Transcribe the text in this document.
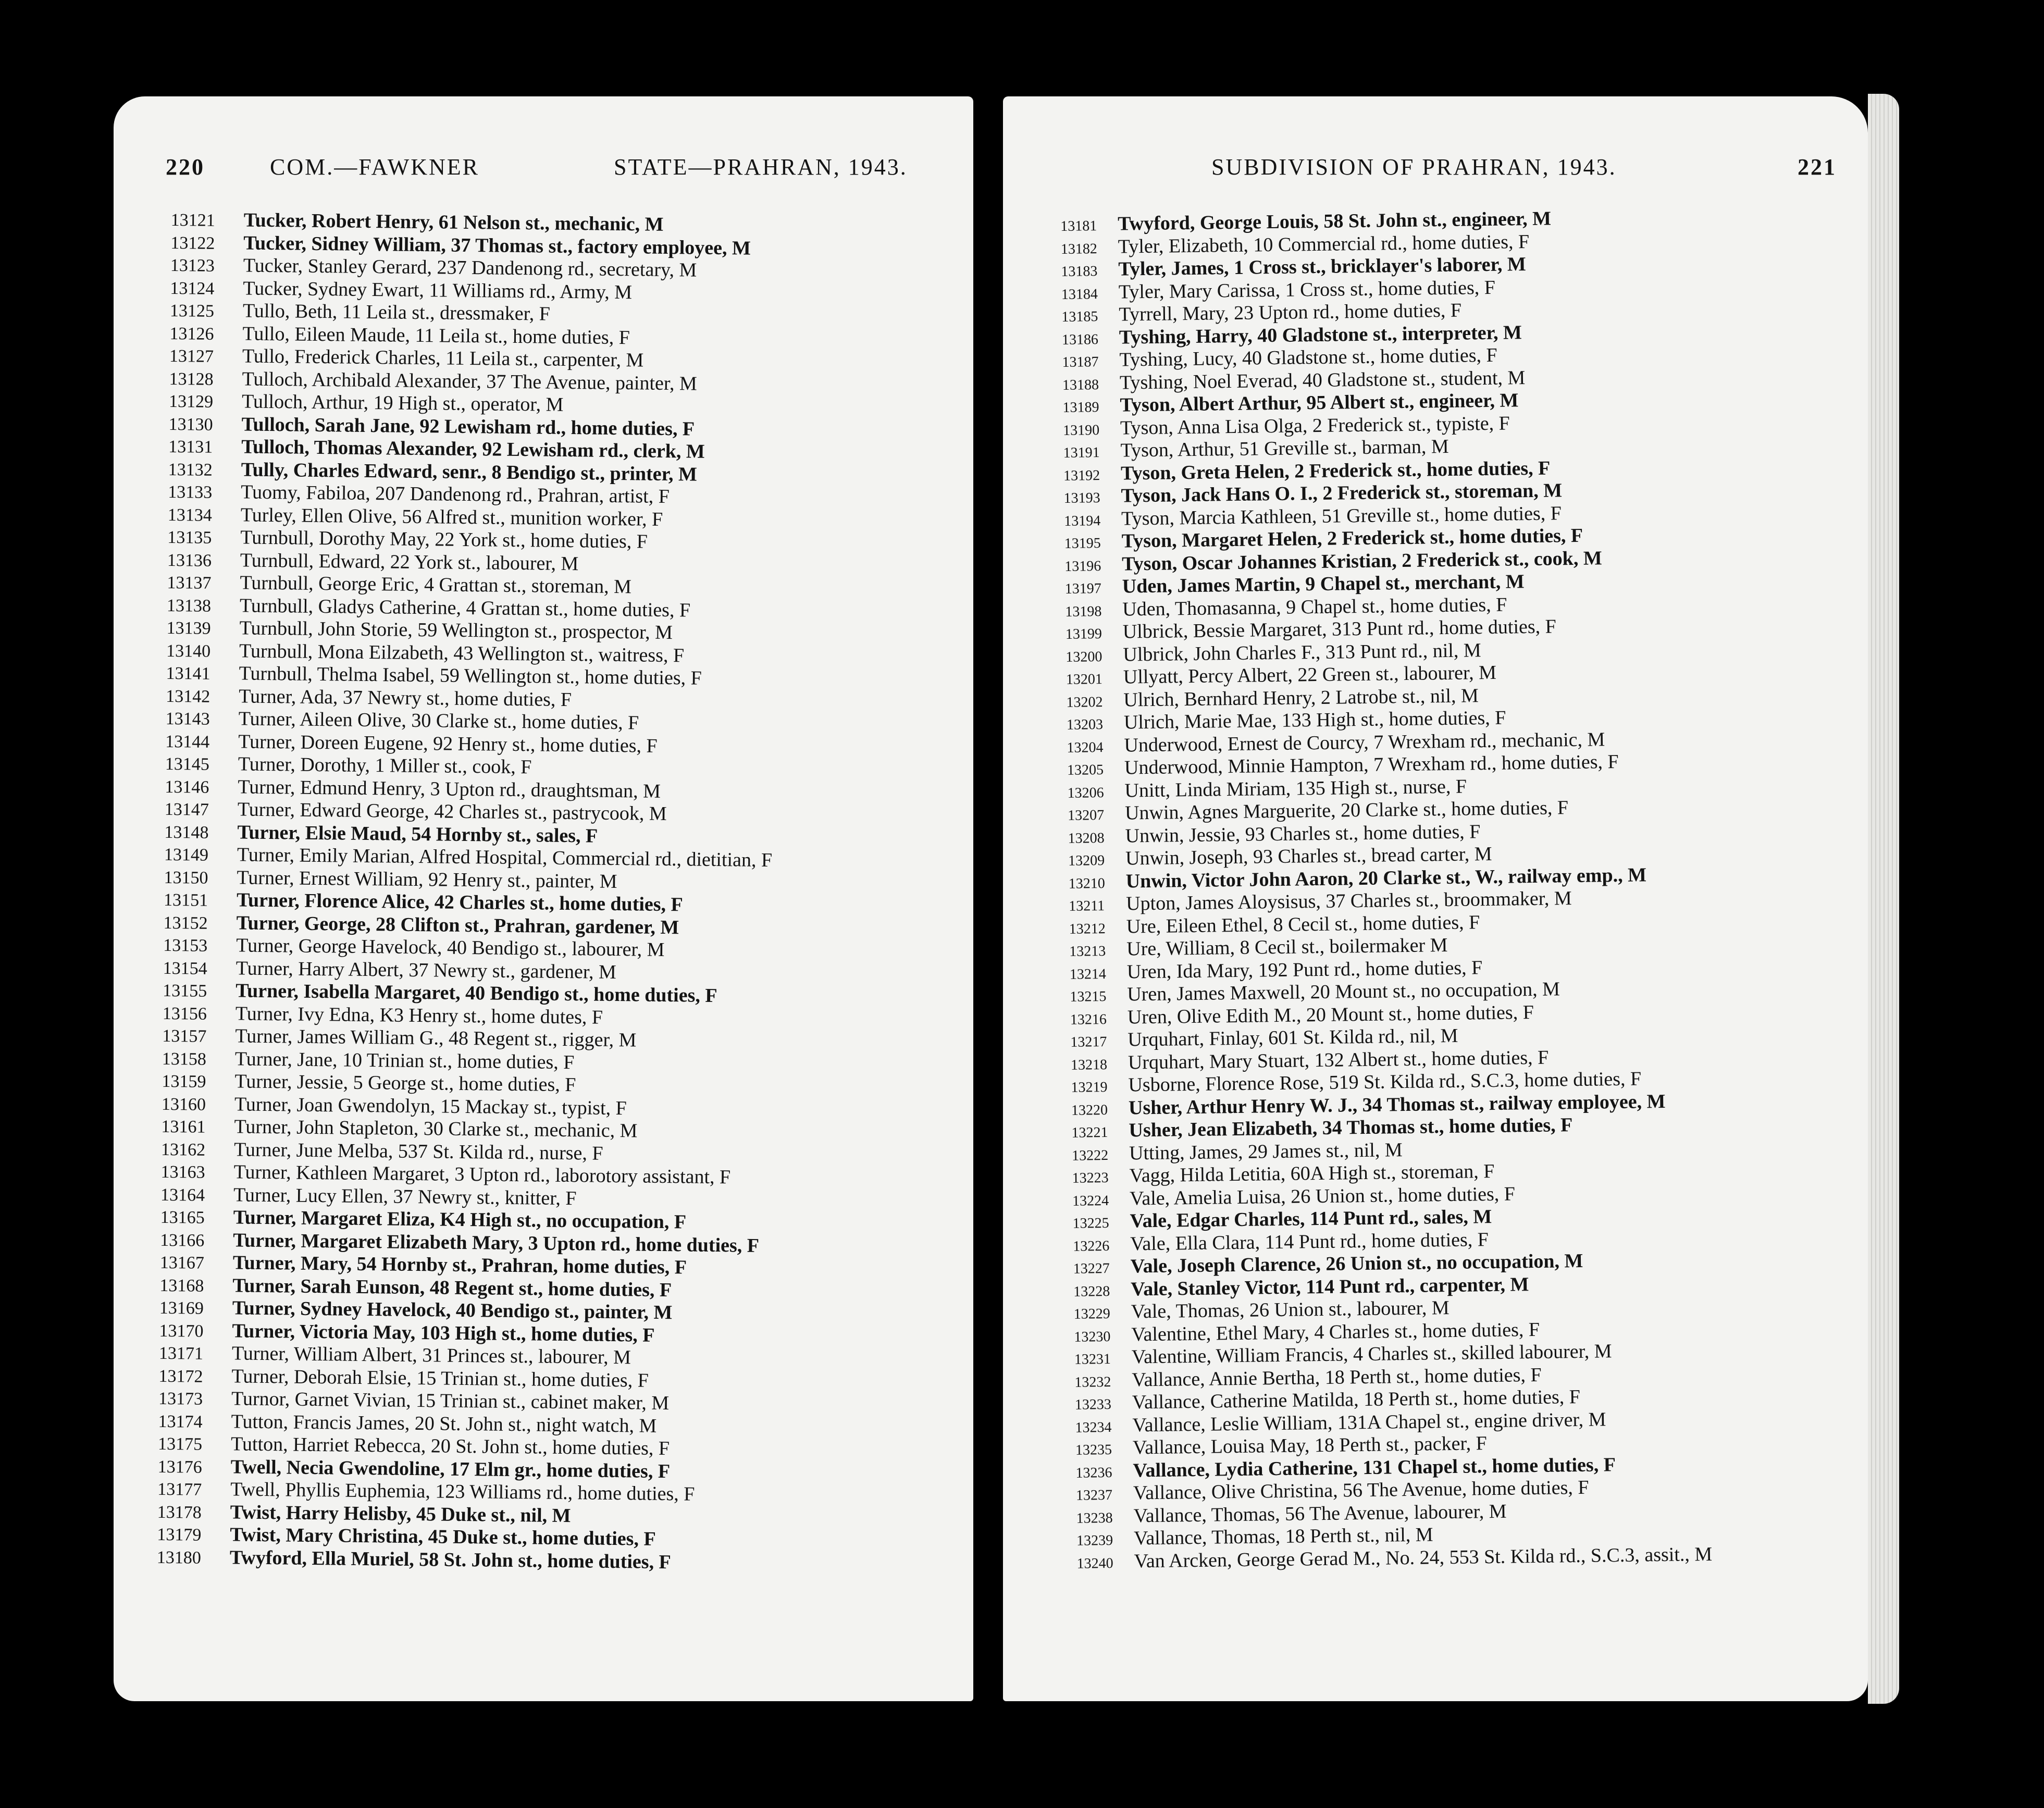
220	COM.—FAWKNER	STATE—PRAHRAN, 1943.
13121	Tucker, Robert Henry, 61 Nelson st., mechanic, M
13122	Tucker, Sidney William, 37 Thomas st., factory employee, M
13123	Tucker, Stanley Gerard, 237 Dandenong rd., secretary, M
13124	Tucker, Sydney Ewart, 11 Williams rd., Army, M
13125	Tullo, Beth, 11 Leila st., dressmaker, F
13126	Tullo, Eileen Maude, 11 Leila st., home duties, F
13127	Tullo, Frederick Charles, 11 Leila st., carpenter, M
13128	Tulloch, Archibald Alexander, 37 The Avenue, painter, M
13129	Tulloch, Arthur, 19 High st., operator, M
13130	Tulloch, Sarah Jane, 92 Lewisham rd., home duties, F
13131	Tulloch, Thomas Alexander, 92 Lewisham rd., clerk, M
13132	Tully, Charles Edward, senr., 8 Bendigo st., printer, M
13133	Tuomy, Fabiloa, 207 Dandenong rd., Prahran, artist, F
13134	Turley, Ellen Olive, 56 Alfred st., munition worker, F
13135	Turnbull, Dorothy May, 22 York st., home duties, F
13136	Turnbull, Edward, 22 York st., labourer, M
13137	Turnbull, George Eric, 4 Grattan st., storeman, M
13138	Turnbull, Gladys Catherine, 4 Grattan st., home duties, F
13139	Turnbull, John Storie, 59 Wellington st., prospector, M
13140	Turnbull, Mona Eilzabeth, 43 Wellington st., waitress, F
13141	Turnbull, Thelma Isabel, 59 Wellington st., home duties, F
13142	Turner, Ada, 37 Newry st., home duties, F
13143	Turner, Aileen Olive, 30 Clarke st., home duties, F
13144	Turner, Doreen Eugene, 92 Henry st., home duties, F
13145	Turner, Dorothy, 1 Miller st., cook, F
13146	Turner, Edmund Henry, 3 Upton rd., draughtsman, M
13147	Turner, Edward George, 42 Charles st., pastrycook, M
13148	Turner, Elsie Maud, 54 Hornby st., sales, F
13149	Turner, Emily Marian, Alfred Hospital, Commercial rd., dietitian, F
13150	Turner, Ernest William, 92 Henry st., painter, M
13151	Turner, Florence Alice, 42 Charles st., home duties, F
13152	Turner, George, 28 Clifton st., Prahran, gardener, M
13153	Turner, George Havelock, 40 Bendigo st., labourer, M
13154	Turner, Harry Albert, 37 Newry st., gardener, M
13155	Turner, Isabella Margaret, 40 Bendigo st., home duties, F
13156	Turner, Ivy Edna, K3 Henry st., home dutes, F
13157	Turner, James William G., 48 Regent st., rigger, M
13158	Turner, Jane, 10 Trinian st., home duties, F
13159	Turner, Jessie, 5 George st., home duties, F
13160	Turner, Joan Gwendolyn, 15 Mackay st., typist, F
13161	Turner, John Stapleton, 30 Clarke st., mechanic, M
13162	Turner, June Melba, 537 St. Kilda rd., nurse, F
13163	Turner, Kathleen Margaret, 3 Upton rd., laborotory assistant, F
13164	Turner, Lucy Ellen, 37 Newry st., knitter, F
13165	Turner, Margaret Eliza, K4 High st., no occupation, F
13166	Turner, Margaret Elizabeth Mary, 3 Upton rd., home duties, F
13167	Turner, Mary, 54 Hornby st., Prahran, home duties, F
13168	Turner, Sarah Eunson, 48 Regent st., home duties, F
13169	Turner, Sydney Havelock, 40 Bendigo st., painter, M
13170	Turner, Victoria May, 103 High st., home duties, F
13171	Turner, William Albert, 31 Princes st., labourer, M
13172	Turner, Deborah Elsie, 15 Trinian st., home duties, F
13173	Turnor, Garnet Vivian, 15 Trinian st., cabinet maker, M
13174	Tutton, Francis James, 20 St. John st., night watch, M
13175	Tutton, Harriet Rebecca, 20 St. John st., home duties, F
13176	Twell, Necia Gwendoline, 17 Elm gr., home duties, F
13177	Twell, Phyllis Euphemia, 123 Williams rd., home duties, F
13178	Twist, Harry Helisby, 45 Duke st., nil, M
13179	Twist, Mary Christina, 45 Duke st., home duties, F
13180	Twyford, Ella Muriel, 58 St. John st., home duties, F
SUBDIVISION OF PRAHRAN, 1943.	221
13181	Twyford, George Louis, 58 St. John st., engineer, M
13182	Tyler, Elizabeth, 10 Commercial rd., home duties, F
13183	Tyler, James, 1 Cross st., bricklayer's laborer, M
13184	Tyler, Mary Carissa, 1 Cross st., home duties, F
13185	Tyrrell, Mary, 23 Upton rd., home duties, F
13186	Tyshing, Harry, 40 Gladstone st., interpreter, M
13187	Tyshing, Lucy, 40 Gladstone st., home duties, F
13188	Tyshing, Noel Everad, 40 Gladstone st., student, M
13189	Tyson, Albert Arthur, 95 Albert st., engineer, M
13190	Tyson, Anna Lisa Olga, 2 Frederick st., typiste, F
13191	Tyson, Arthur, 51 Greville st., barman, M
13192	Tyson, Greta Helen, 2 Frederick st., home duties, F
13193	Tyson, Jack Hans O. I., 2 Frederick st., storeman, M
13194	Tyson, Marcia Kathleen, 51 Greville st., home duties, F
13195	Tyson, Margaret Helen, 2 Frederick st., home duties, F
13196	Tyson, Oscar Johannes Kristian, 2 Frederick st., cook, M
13197	Uden, James Martin, 9 Chapel st., merchant, M
13198	Uden, Thomasanna, 9 Chapel st., home duties, F
13199	Ulbrick, Bessie Margaret, 313 Punt rd., home duties, F
13200	Ulbrick, John Charles F., 313 Punt rd., nil, M
13201	Ullyatt, Percy Albert, 22 Green st., labourer, M
13202	Ulrich, Bernhard Henry, 2 Latrobe st., nil, M
13203	Ulrich, Marie Mae, 133 High st., home duties, F
13204	Underwood, Ernest de Courcy, 7 Wrexham rd., mechanic, M
13205	Underwood, Minnie Hampton, 7 Wrexham rd., home duties, F
13206	Unitt, Linda Miriam, 135 High st., nurse, F
13207	Unwin, Agnes Marguerite, 20 Clarke st., home duties, F
13208	Unwin, Jessie, 93 Charles st., home duties, F
13209	Unwin, Joseph, 93 Charles st., bread carter, M
13210	Unwin, Victor John Aaron, 20 Clarke st., W., railway emp., M
13211	Upton, James Aloysisus, 37 Charles st., broommaker, M
13212	Ure, Eileen Ethel, 8 Cecil st., home duties, F
13213	Ure, William, 8 Cecil st., boilermaker M
13214	Uren, Ida Mary, 192 Punt rd., home duties, F
13215	Uren, James Maxwell, 20 Mount st., no occupation, M
13216	Uren, Olive Edith M., 20 Mount st., home duties, F
13217	Urquhart, Finlay, 601 St. Kilda rd., nil, M
13218	Urquhart, Mary Stuart, 132 Albert st., home duties, F
13219	Usborne, Florence Rose, 519 St. Kilda rd., S.C.3, home duties, F
13220	Usher, Arthur Henry W. J., 34 Thomas st., railway employee, M
13221	Usher, Jean Elizabeth, 34 Thomas st., home duties, F
13222	Utting, James, 29 James st., nil, M
13223	Vagg, Hilda Letitia, 60A High st., storeman, F
13224	Vale, Amelia Luisa, 26 Union st., home duties, F
13225	Vale, Edgar Charles, 114 Punt rd., sales, M
13226	Vale, Ella Clara, 114 Punt rd., home duties, F
13227	Vale, Joseph Clarence, 26 Union st., no occupation, M
13228	Vale, Stanley Victor, 114 Punt rd., carpenter, M
13229	Vale, Thomas, 26 Union st., labourer, M
13230	Valentine, Ethel Mary, 4 Charles st., home duties, F
13231	Valentine, William Francis, 4 Charles st., skilled labourer, M
13232	Vallance, Annie Bertha, 18 Perth st., home duties, F
13233	Vallance, Catherine Matilda, 18 Perth st., home duties, F
13234	Vallance, Leslie William, 131A Chapel st., engine driver, M
13235	Vallance, Louisa May, 18 Perth st., packer, F
13236	Vallance, Lydia Catherine, 131 Chapel st., home duties, F
13237	Vallance, Olive Christina, 56 The Avenue, home duties, F
13238	Vallance, Thomas, 56 The Avenue, labourer, M
13239	Vallance, Thomas, 18 Perth st., nil, M
13240	Van Arcken, George Gerad M., No. 24, 553 St. Kilda rd., S.C.3, assit., M
